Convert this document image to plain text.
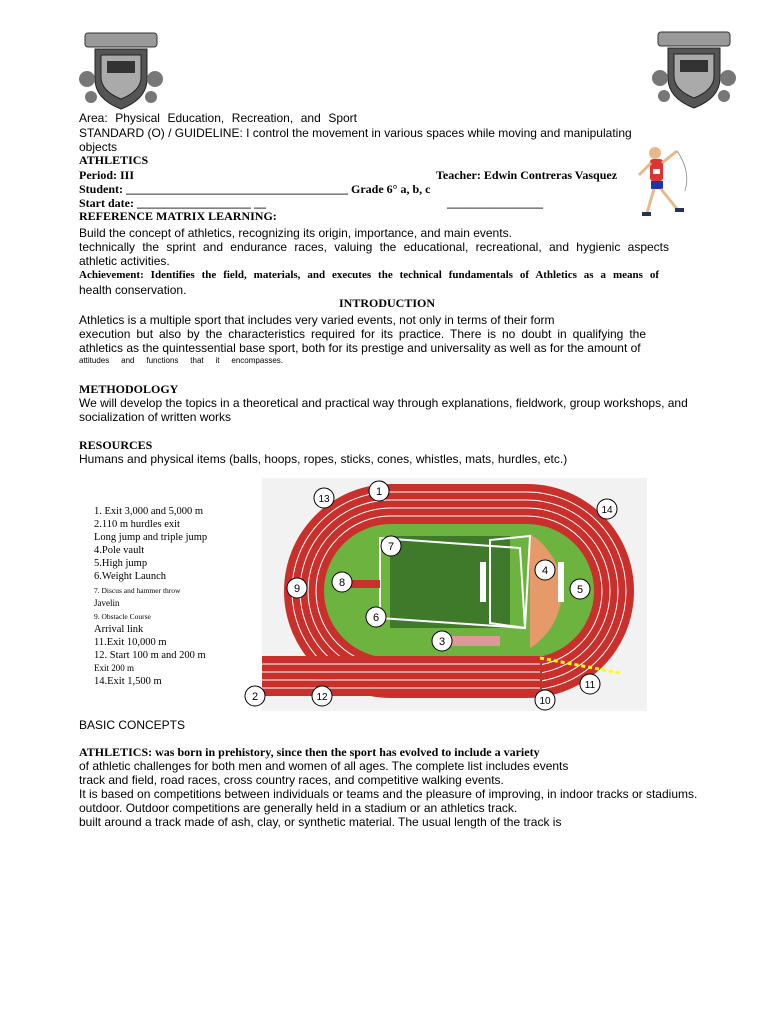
Area: Physical Education, Recreation, and Sport
STANDARD (O) / GUIDELINE: I control the movement in various spaces while moving and manipulating objects
ATHLETICS
Period: III	Teacher: Edwin Contreras Vasquez
Student: _____________________________________ Grade 6° a, b, c
Start date: ___________________ __	________________
REFERENCE MATRIX LEARNING:
Build the concept of athletics, recognizing its origin, importance, and main events.
technically the sprint and endurance races, valuing the educational, recreational, and hygienic aspects
athletic activities.
Achievement: Identifies the field, materials, and executes the technical fundamentals of Athletics as a means of
health conservation.
INTRODUCTION
Athletics is a multiple sport that includes very varied events, not only in terms of their form
execution but also by the characteristics required for its practice. There is no doubt in qualifying the
athletics as the quintessential base sport, both for its prestige and universality as well as for the amount of
attitudes and functions that it encompasses.
METHODOLOGY
We will develop the topics in a theoretical and practical way through explanations, fieldwork, group workshops, and
socialization of written works
RESOURCES
Humans and physical items (balls, hoops, ropes, sticks, cones, whistles, mats, hurdles, etc.)
1. Exit 3,000 and 5,000 m
2.110 m hurdles exit
Long jump and triple jump
4.Pole vault
5.High jump
6.Weight Launch
7. Discus and hammer throw
Javelin
9. Obstacle Course
Arrival link
11.Exit 10,000 m
12. Start 100 m and 200 m
Exit 200 m
14.Exit 1,500 m
1
2
3
4
5
6
7
8
9
10
11
12
13
14
BASIC CONCEPTS
ATHLETICS: was born in prehistory, since then the sport has evolved to include a variety
of athletic challenges for both men and women of all ages. The complete list includes events
track and field, road races, cross country races, and competitive walking events.
It is based on competitions between individuals or teams and the pleasure of improving, in indoor tracks or stadiums.
outdoor. Outdoor competitions are generally held in a stadium or an athletics track.
built around a track made of ash, clay, or synthetic material. The usual length of the track is
